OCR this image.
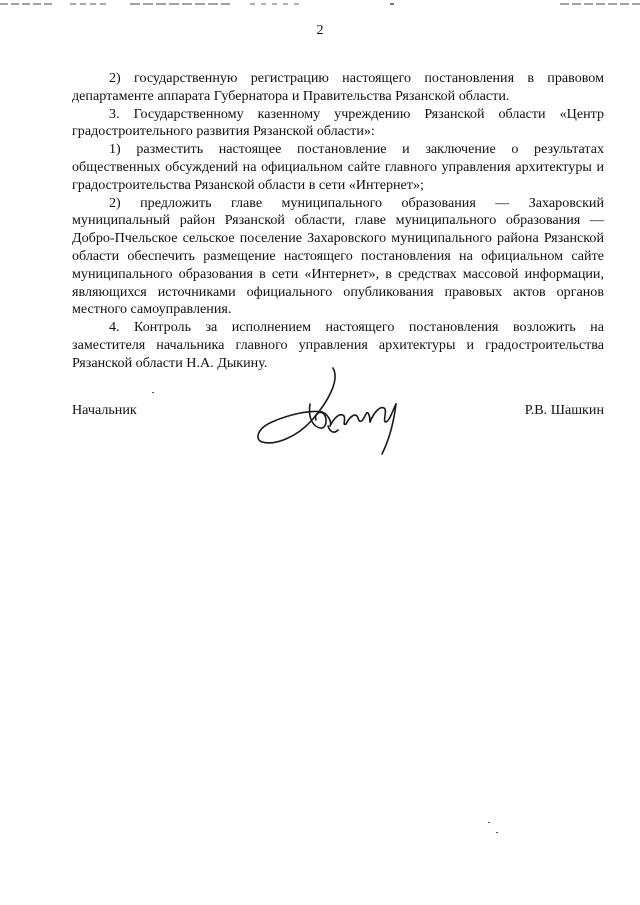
2

2) государственную регистрацию настоящего постановления в правовом департаменте аппарата Губернатора и Правительства Рязанской области.

3. Государственному казенному учреждению Рязанской области «Центр градостроительного развития Рязанской области»:

1) разместить настоящее постановление и заключение о результатах общественных обсуждений на официальном сайте главного управления архитектуры и градостроительства Рязанской области в сети «Интернет»;

2) предложить главе муниципального образования — Захаровский муниципальный район Рязанской области, главе муниципального образования — Добро-Пчельское сельское поселение Захаровского муниципального района Рязанской области обеспечить размещение настоящего постановления на официальном сайте муниципального образования в сети «Интернет», в средствах массовой информации, являющихся источниками официального опубликования правовых актов органов местного самоуправления.

4. Контроль за исполнением настоящего постановления возложить на заместителя начальника главного управления архитектуры и градостроительства Рязанской области Н.А. Дыкину.

Начальник	Р.В. Шашкин
